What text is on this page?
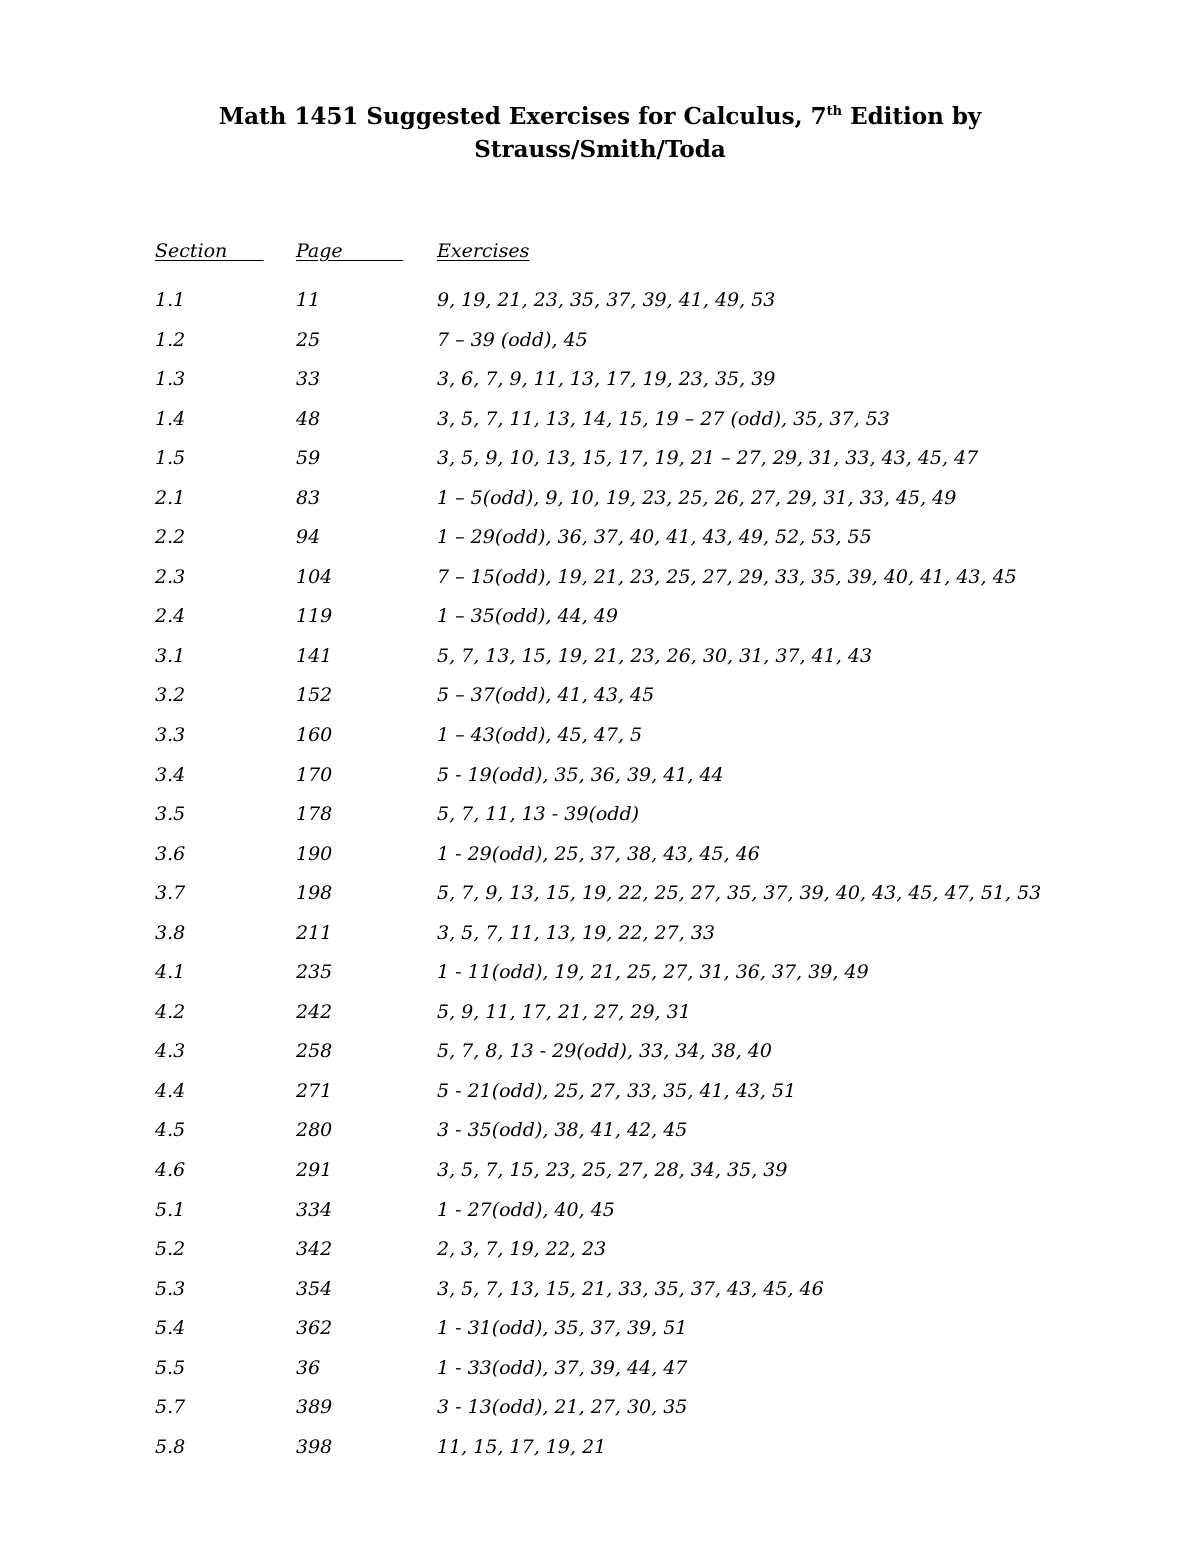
Math 1451 Suggested Exercises for Calculus, 7th Edition by
Strauss/Smith/Toda
Section	Page	Exercises
1.1	11	9, 19, 21, 23, 35, 37, 39, 41, 49, 53
1.2	25	7 – 39 (odd), 45
1.3	33	3, 6, 7, 9, 11, 13, 17, 19, 23, 35, 39
1.4	48	3, 5, 7, 11, 13, 14, 15, 19 – 27 (odd), 35, 37, 53
1.5	59	3, 5, 9, 10, 13, 15, 17, 19, 21 – 27, 29, 31, 33, 43, 45, 47
2.1	83	1 – 5(odd), 9, 10, 19, 23, 25, 26, 27, 29, 31, 33, 45, 49
2.2	94	1 – 29(odd), 36, 37, 40, 41, 43, 49, 52, 53, 55
2.3	104	7 – 15(odd), 19, 21, 23, 25, 27, 29, 33, 35, 39, 40, 41, 43, 45
2.4	119	1 – 35(odd), 44, 49
3.1	141	5, 7, 13, 15, 19, 21, 23, 26, 30, 31, 37, 41, 43
3.2	152	5 – 37(odd), 41, 43, 45
3.3	160	1 – 43(odd), 45, 47, 5
3.4	170	5 - 19(odd), 35, 36, 39, 41, 44
3.5	178	5, 7, 11, 13 - 39(odd)
3.6	190	1 - 29(odd), 25, 37, 38, 43, 45, 46
3.7	198	5, 7, 9, 13, 15, 19, 22, 25, 27, 35, 37, 39, 40, 43, 45, 47, 51, 53
3.8	211	3, 5, 7, 11, 13, 19, 22, 27, 33
4.1	235	1 - 11(odd), 19, 21, 25, 27, 31, 36, 37, 39, 49
4.2	242	5, 9, 11, 17, 21, 27, 29, 31
4.3	258	5, 7, 8, 13 - 29(odd), 33, 34, 38, 40
4.4	271	5 - 21(odd), 25, 27, 33, 35, 41, 43, 51
4.5	280	3 - 35(odd), 38, 41, 42, 45
4.6	291	3, 5, 7, 15, 23, 25, 27, 28, 34, 35, 39
5.1	334	1 - 27(odd), 40, 45
5.2	342	2, 3, 7, 19, 22, 23
5.3	354	3, 5, 7, 13, 15, 21, 33, 35, 37, 43, 45, 46
5.4	362	1 - 31(odd), 35, 37, 39, 51
5.5	36	1 - 33(odd), 37, 39, 44, 47
5.7	389	3 - 13(odd), 21, 27, 30, 35
5.8	398	11, 15, 17, 19, 21
